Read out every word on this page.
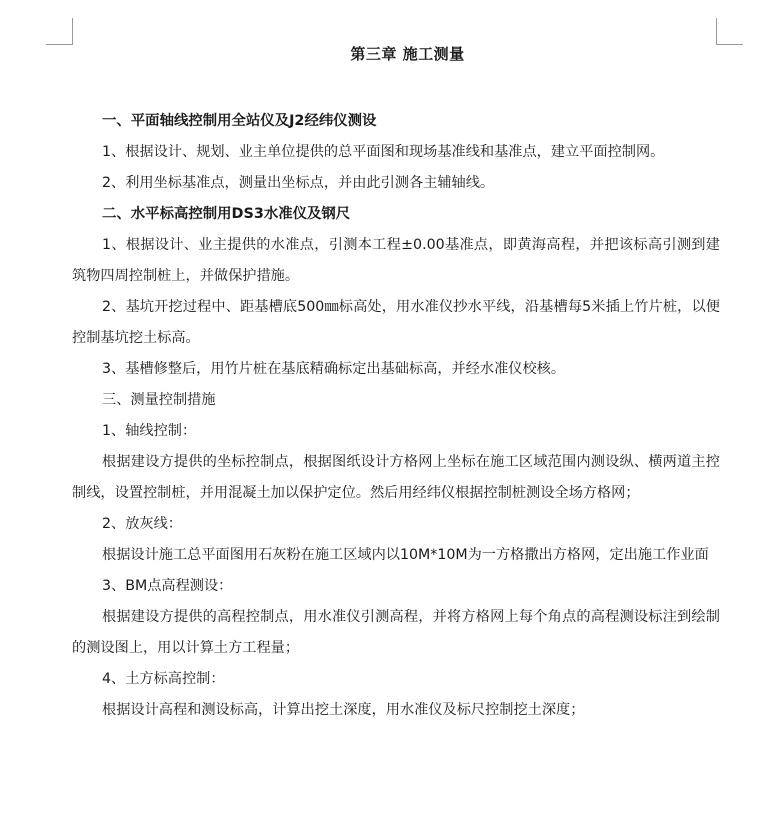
第三章 施工测量

一、平面轴线控制用全站仪及J2经纬仪测设

1、根据设计、规划、业主单位提供的总平面图和现场基准线和基准点，建立平面控制网。

2、利用坐标基准点，测量出坐标点，并由此引测各主辅轴线。

二、水平标高控制用DS3水准仪及钢尺

1、根据设计、业主提供的水准点，引测本工程±0.00基准点，即黄海高程，并把该标高引测到建筑物四周控制桩上，并做保护措施。

2、基坑开挖过程中、距基槽底500㎜标高处，用水准仪抄水平线，沿基槽每5米插上竹片桩，以便控制基坑挖土标高。

3、基槽修整后，用竹片桩在基底精确标定出基础标高，并经水准仪校核。

三、测量控制措施

1、轴线控制：

根据建设方提供的坐标控制点，根据图纸设计方格网上坐标在施工区域范围内测设纵、横两道主控制线，设置控制桩，并用混凝土加以保护定位。然后用经纬仪根据控制桩测设全场方格网；

2、放灰线：

根据设计施工总平面图用石灰粉在施工区域内以10M*10M为一方格撒出方格网，定出施工作业面

3、BM点高程测设：

根据建设方提供的高程控制点，用水准仪引测高程，并将方格网上每个角点的高程测设标注到绘制的测设图上，用以计算土方工程量；

4、土方标高控制：

根据设计高程和测设标高，计算出挖土深度，用水准仪及标尺控制挖土深度；
